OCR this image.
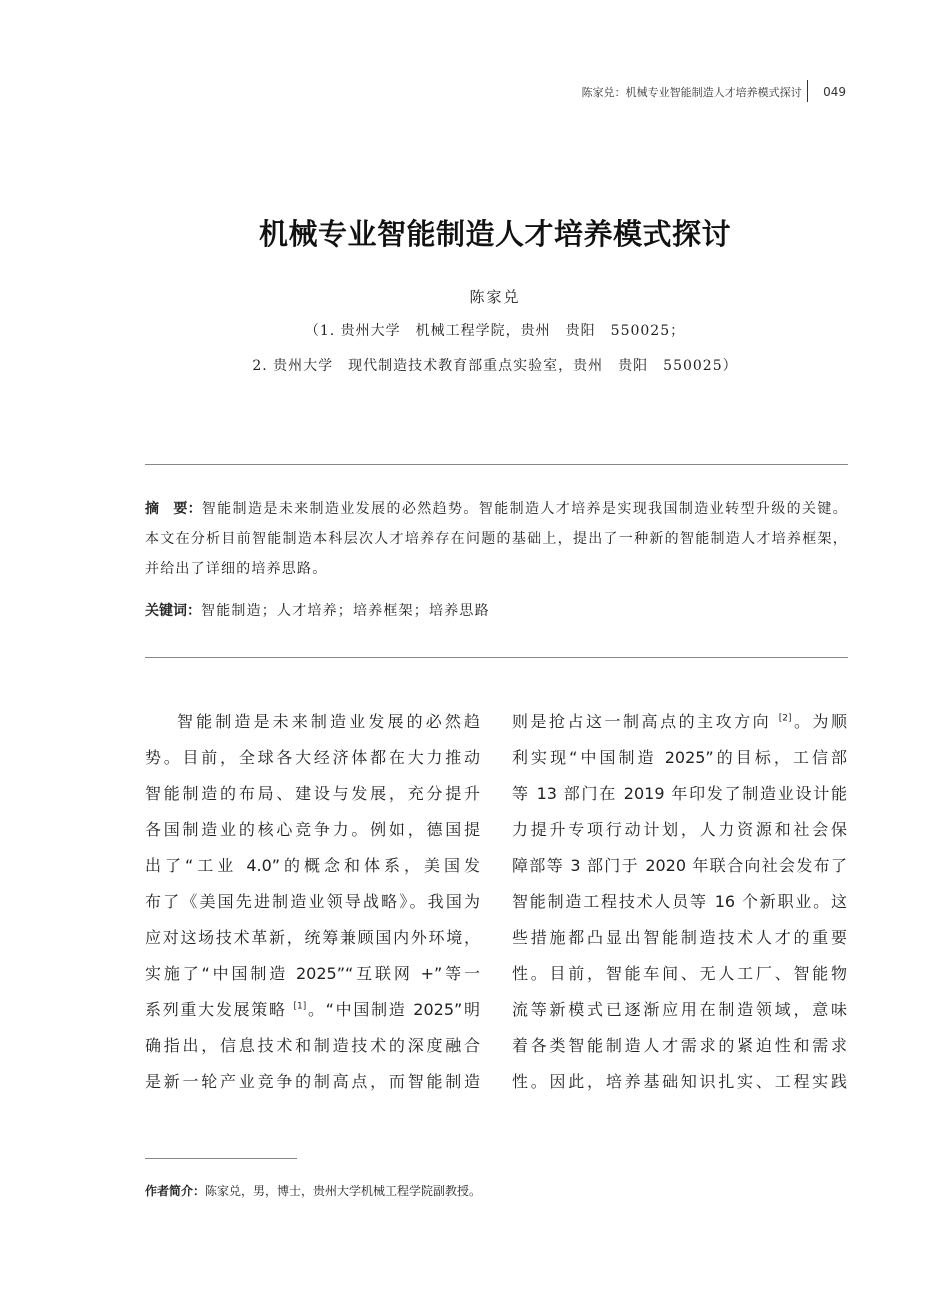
陈家兑：机械专业智能制造人才培养模式探讨 049
机械专业智能制造人才培养模式探讨
陈家兑
（1. 贵州大学　机械工程学院，贵州　贵阳　550025；
2. 贵州大学　现代制造技术教育部重点实验室，贵州　贵阳　550025）
摘　要：智能制造是未来制造业发展的必然趋势。智能制造人才培养是实现我国制造业转型升级的关键。本文在分析目前智能制造本科层次人才培养存在问题的基础上，提出了一种新的智能制造人才培养框架，并给出了详细的培养思路。
关键词：智能制造；人才培养；培养框架；培养思路
智能制造是未来制造业发展的必然趋
势。目前，全球各大经济体都在大力推动
智能制造的布局、建设与发展，充分提升
各国制造业的核心竞争力。例如，德国提
出了“工业 4.0”的概念和体系，美国发
布了《美国先进制造业领导战略》。我国为
应对这场技术革新，统筹兼顾国内外环境，
实施了“中国制造 2025”“互联网 +”等一
系列重大发展策略 [1]。“中国制造 2025”明
确指出，信息技术和制造技术的深度融合
是新一轮产业竞争的制高点，而智能制造
则是抢占这一制高点的主攻方向 [2]。为顺
利实现“中国制造 2025”的目标，工信部
等 13 部门在 2019 年印发了制造业设计能
力提升专项行动计划，人力资源和社会保
障部等 3 部门于 2020 年联合向社会发布了
智能制造工程技术人员等 16 个新职业。这
些措施都凸显出智能制造技术人才的重要
性。目前，智能车间、无人工厂、智能物
流等新模式已逐渐应用在制造领域，意味
着各类智能制造人才需求的紧迫性和需求
性。因此，培养基础知识扎实、工程实践
作者简介：陈家兑，男，博士，贵州大学机械工程学院副教授。
